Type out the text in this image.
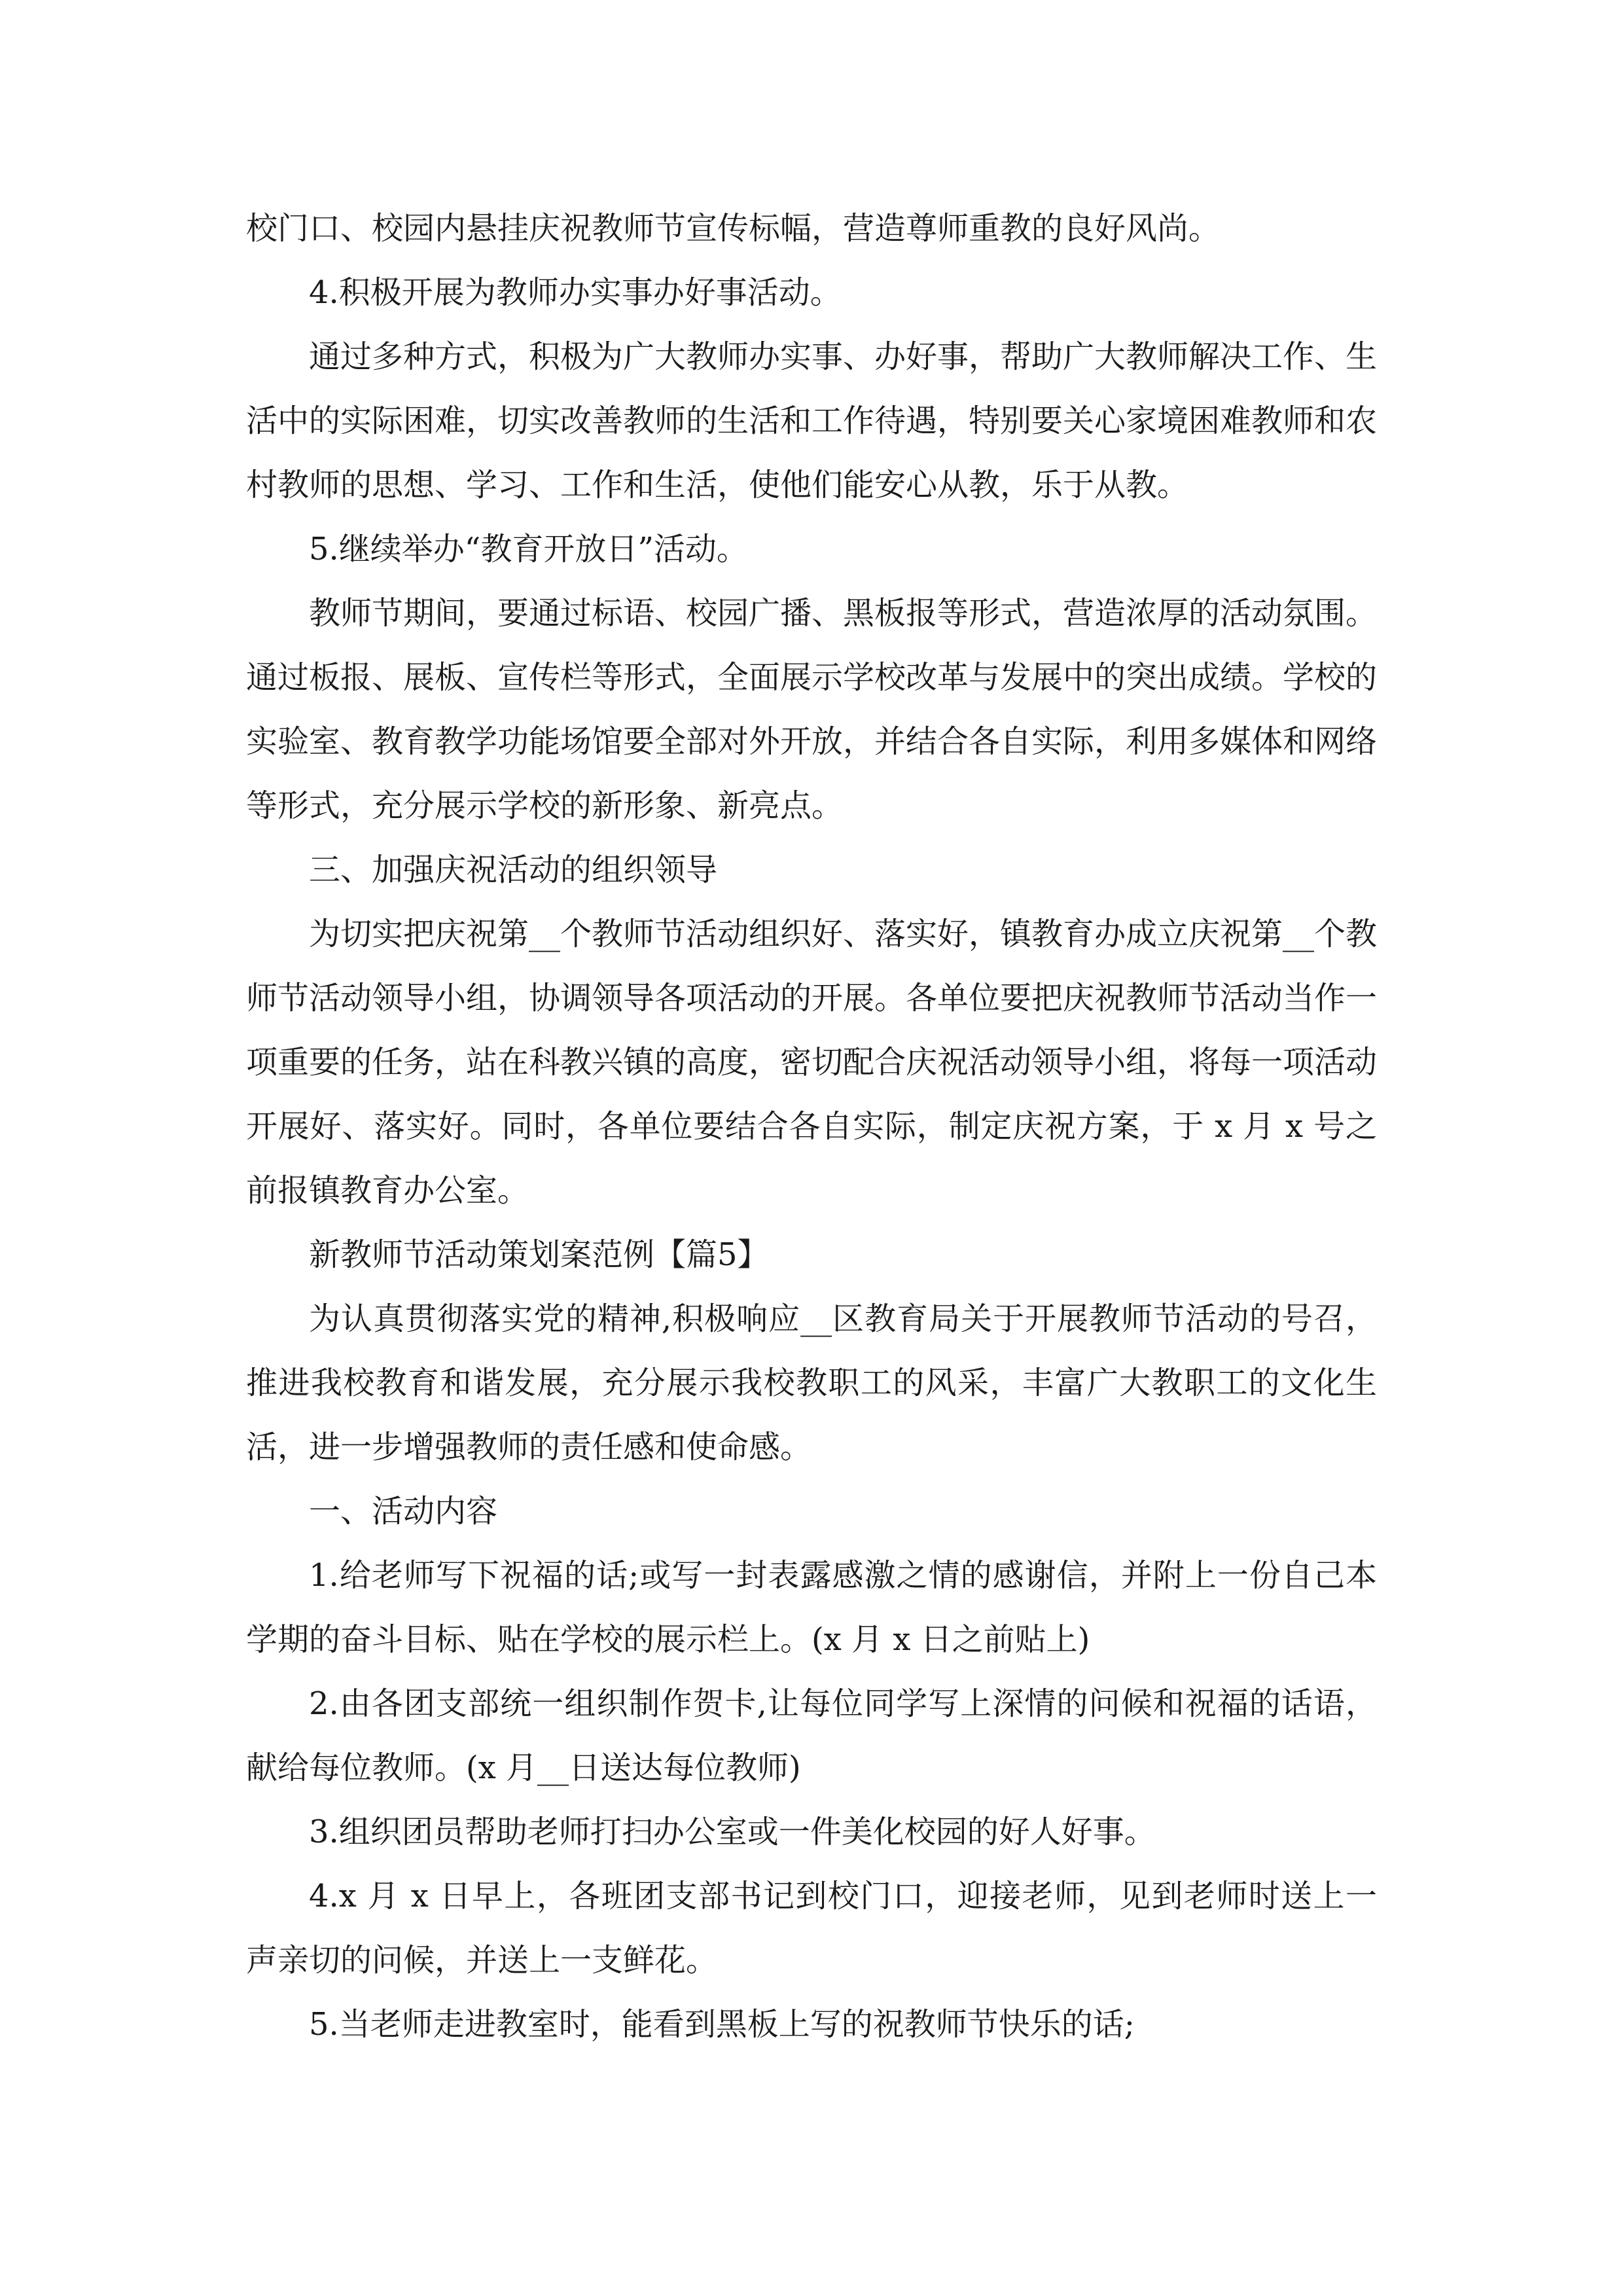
校门口、校园内悬挂庆祝教师节宣传标幅，营造尊师重教的良好风尚。

4.积极开展为教师办实事办好事活动。

通过多种方式，积极为广大教师办实事、办好事，帮助广大教师解决工作、生活中的实际困难，切实改善教师的生活和工作待遇，特别要关心家境困难教师和农村教师的思想、学习、工作和生活，使他们能安心从教，乐于从教。

5.继续举办“教育开放日”活动。

教师节期间，要通过标语、校园广播、黑板报等形式，营造浓厚的活动氛围。通过板报、展板、宣传栏等形式，全面展示学校改革与发展中的突出成绩。学校的实验室、教育教学功能场馆要全部对外开放，并结合各自实际，利用多媒体和网络等形式，充分展示学校的新形象、新亮点。

三、加强庆祝活动的组织领导

为切实把庆祝第__个教师节活动组织好、落实好，镇教育办成立庆祝第__个教师节活动领导小组，协调领导各项活动的开展。各单位要把庆祝教师节活动当作一项重要的任务，站在科教兴镇的高度，密切配合庆祝活动领导小组，将每一项活动开展好、落实好。同时，各单位要结合各自实际，制定庆祝方案，于 x 月 x 号之前报镇教育办公室。

新教师节活动策划案范例【篇5】

为认真贯彻落实党的精神,积极响应__区教育局关于开展教师节活动的号召，推进我校教育和谐发展，充分展示我校教职工的风采，丰富广大教职工的文化生活，进一步增强教师的责任感和使命感。

一、活动内容

1.给老师写下祝福的话;或写一封表露感激之情的感谢信，并附上一份自己本学期的奋斗目标、贴在学校的展示栏上。(x 月 x 日之前贴上)

2.由各团支部统一组织制作贺卡,让每位同学写上深情的问候和祝福的话语，献给每位教师。(x 月__日送达每位教师)

3.组织团员帮助老师打扫办公室或一件美化校园的好人好事。

4.x 月 x 日早上，各班团支部书记到校门口，迎接老师，见到老师时送上一声亲切的问候，并送上一支鲜花。

5.当老师走进教室时，能看到黑板上写的祝教师节快乐的话;
